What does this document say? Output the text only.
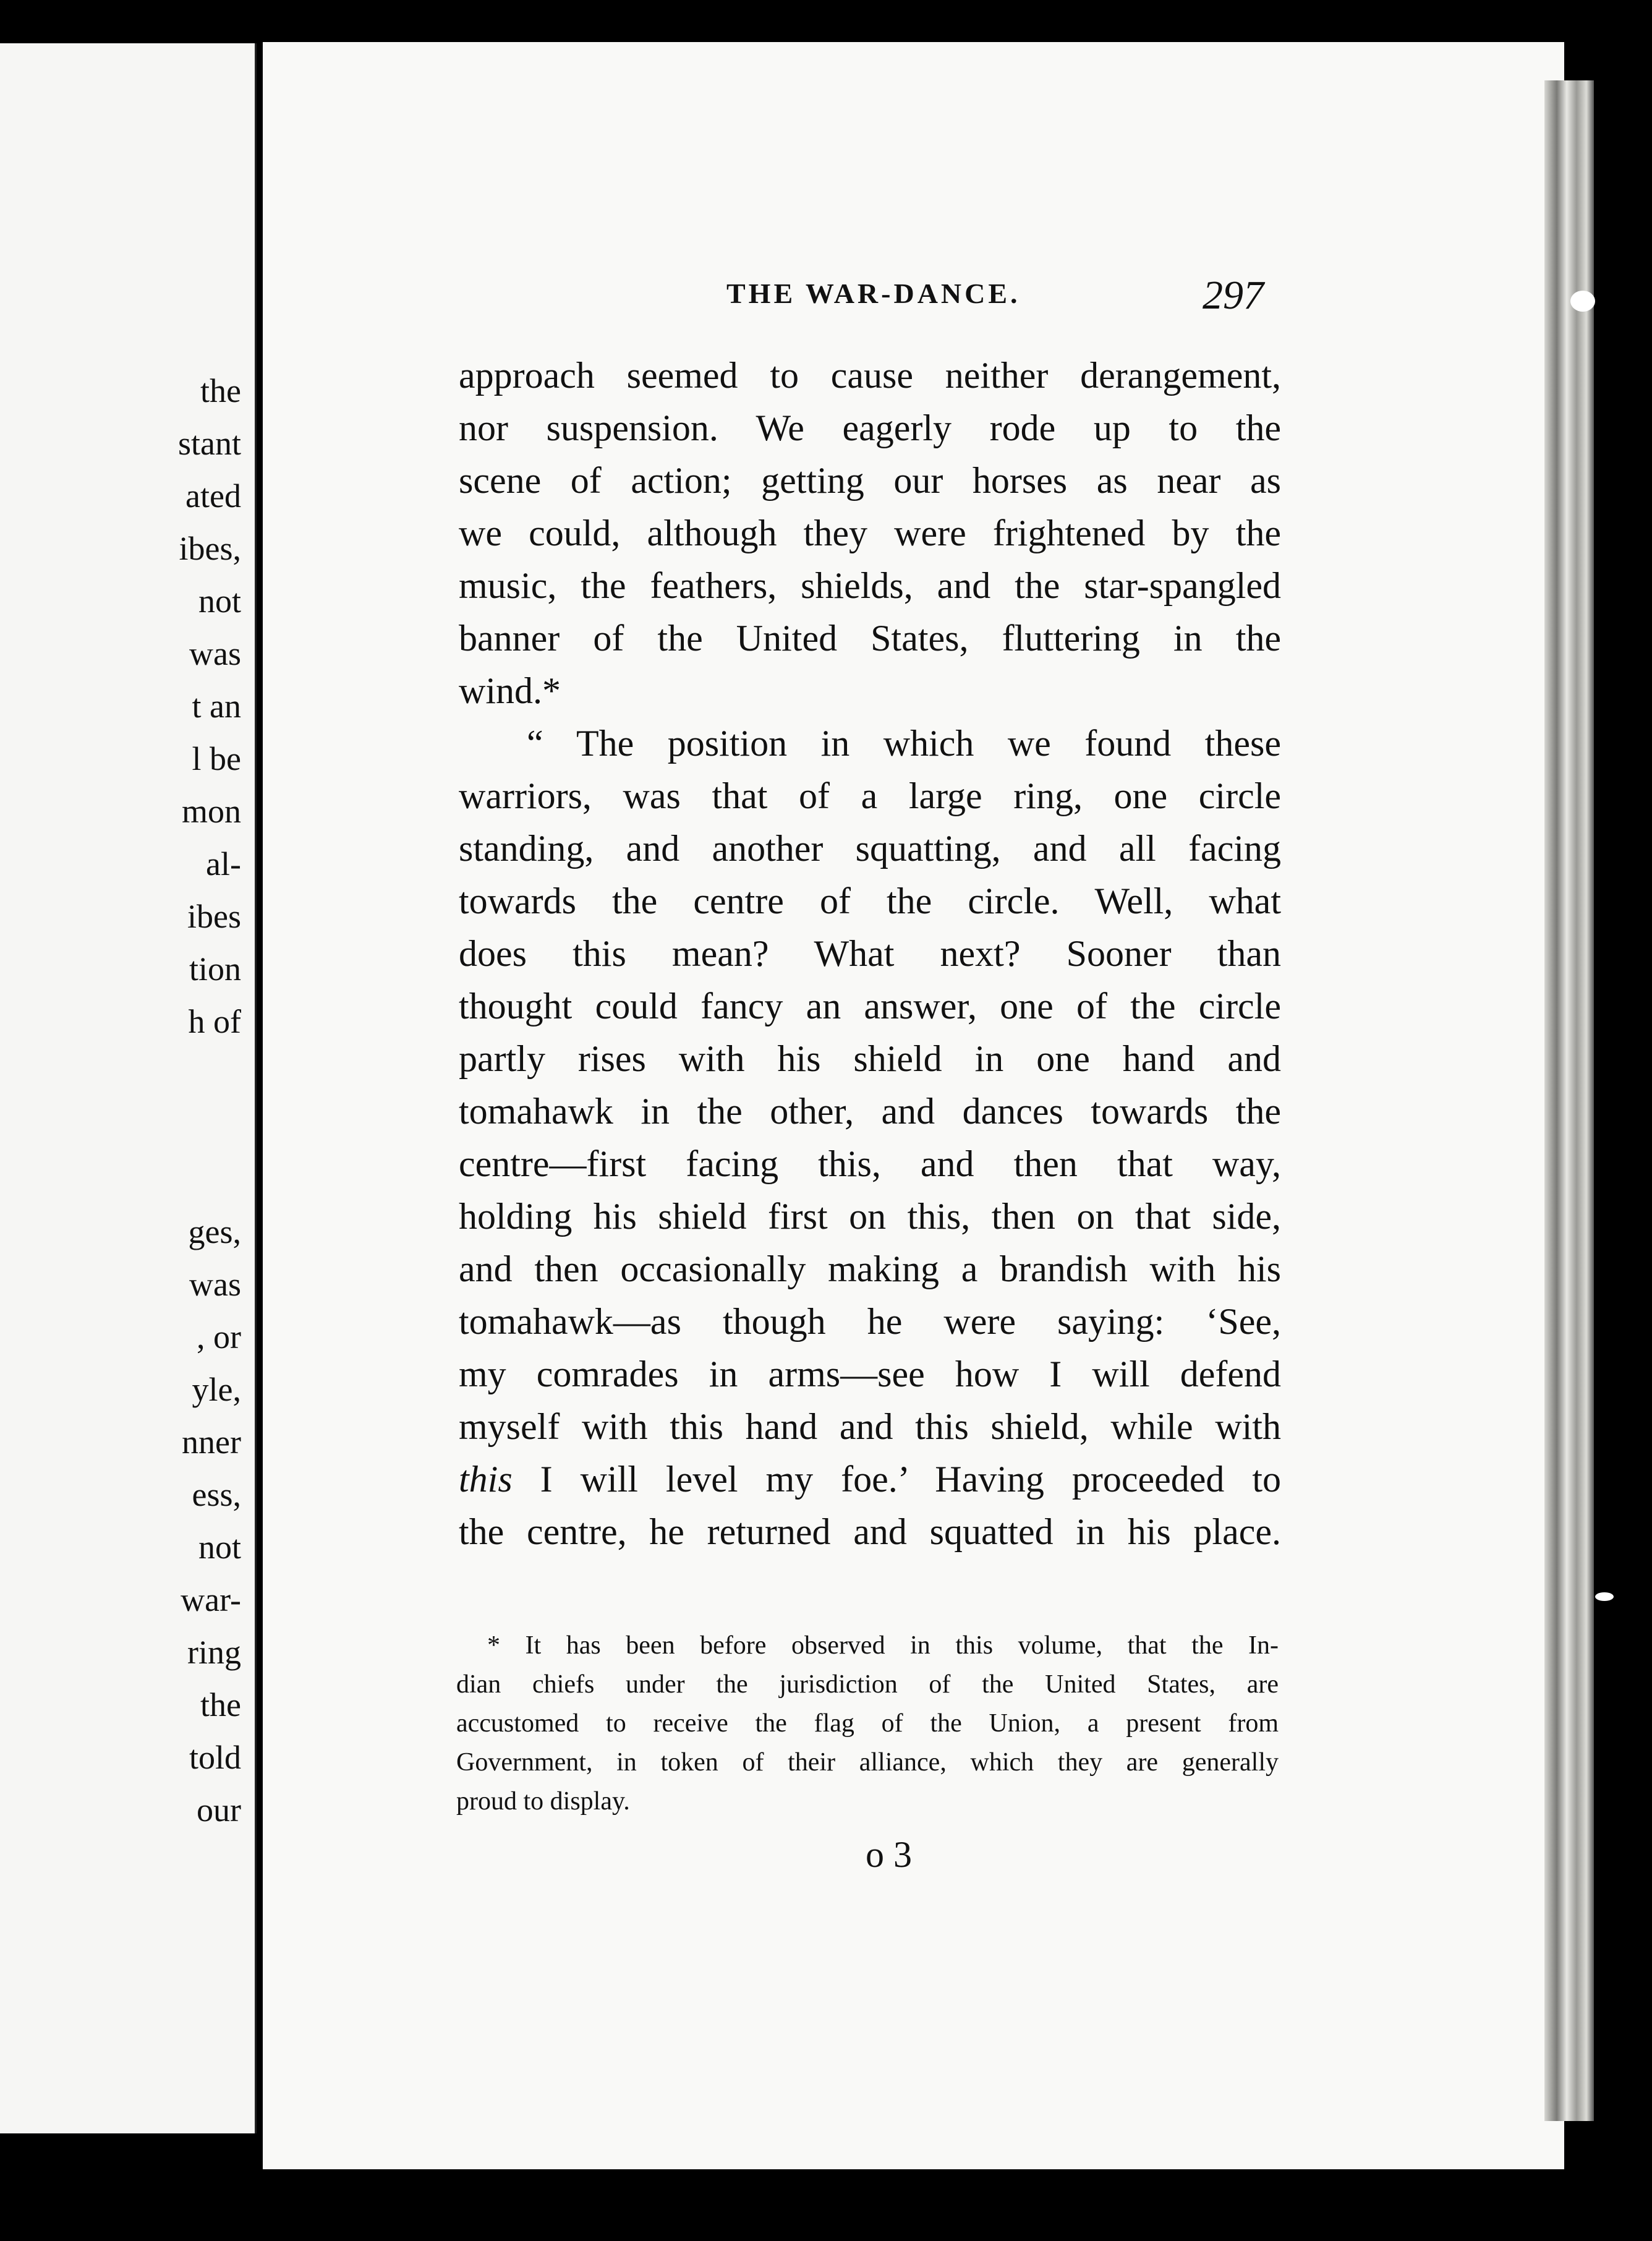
the
stant
ated
ibes,
not
was
t an
l be
mon
al-
ibes
tion
h of
ges,
was
, or
yle,
nner
ess,
not
war-
ring
the
told
our
THE WAR-DANCE.	297
approach seemed to cause neither derangement,
nor suspension. We eagerly rode up to the
scene of action; getting our horses as near as
we could, although they were frightened by the
music, the feathers, shields, and the star-spangled
banner of the United States, fluttering in the
wind.*
“ The position in which we found these
warriors, was that of a large ring, one circle
standing, and another squatting, and all facing
towards the centre of the circle. Well, what
does this mean? What next? Sooner than
thought could fancy an answer, one of the circle
partly rises with his shield in one hand and
tomahawk in the other, and dances towards the
centre—first facing this, and then that way,
holding his shield first on this, then on that side,
and then occasionally making a brandish with his
tomahawk—as though he were saying: ‘See,
my comrades in arms—see how I will defend
myself with this hand and this shield, while with
this I will level my foe.’ Having proceeded to
the centre, he returned and squatted in his place.
* It has been before observed in this volume, that the In-
dian chiefs under the jurisdiction of the United States, are
accustomed to receive the flag of the Union, a present from
Government, in token of their alliance, which they are generally
proud to display.
o 3
